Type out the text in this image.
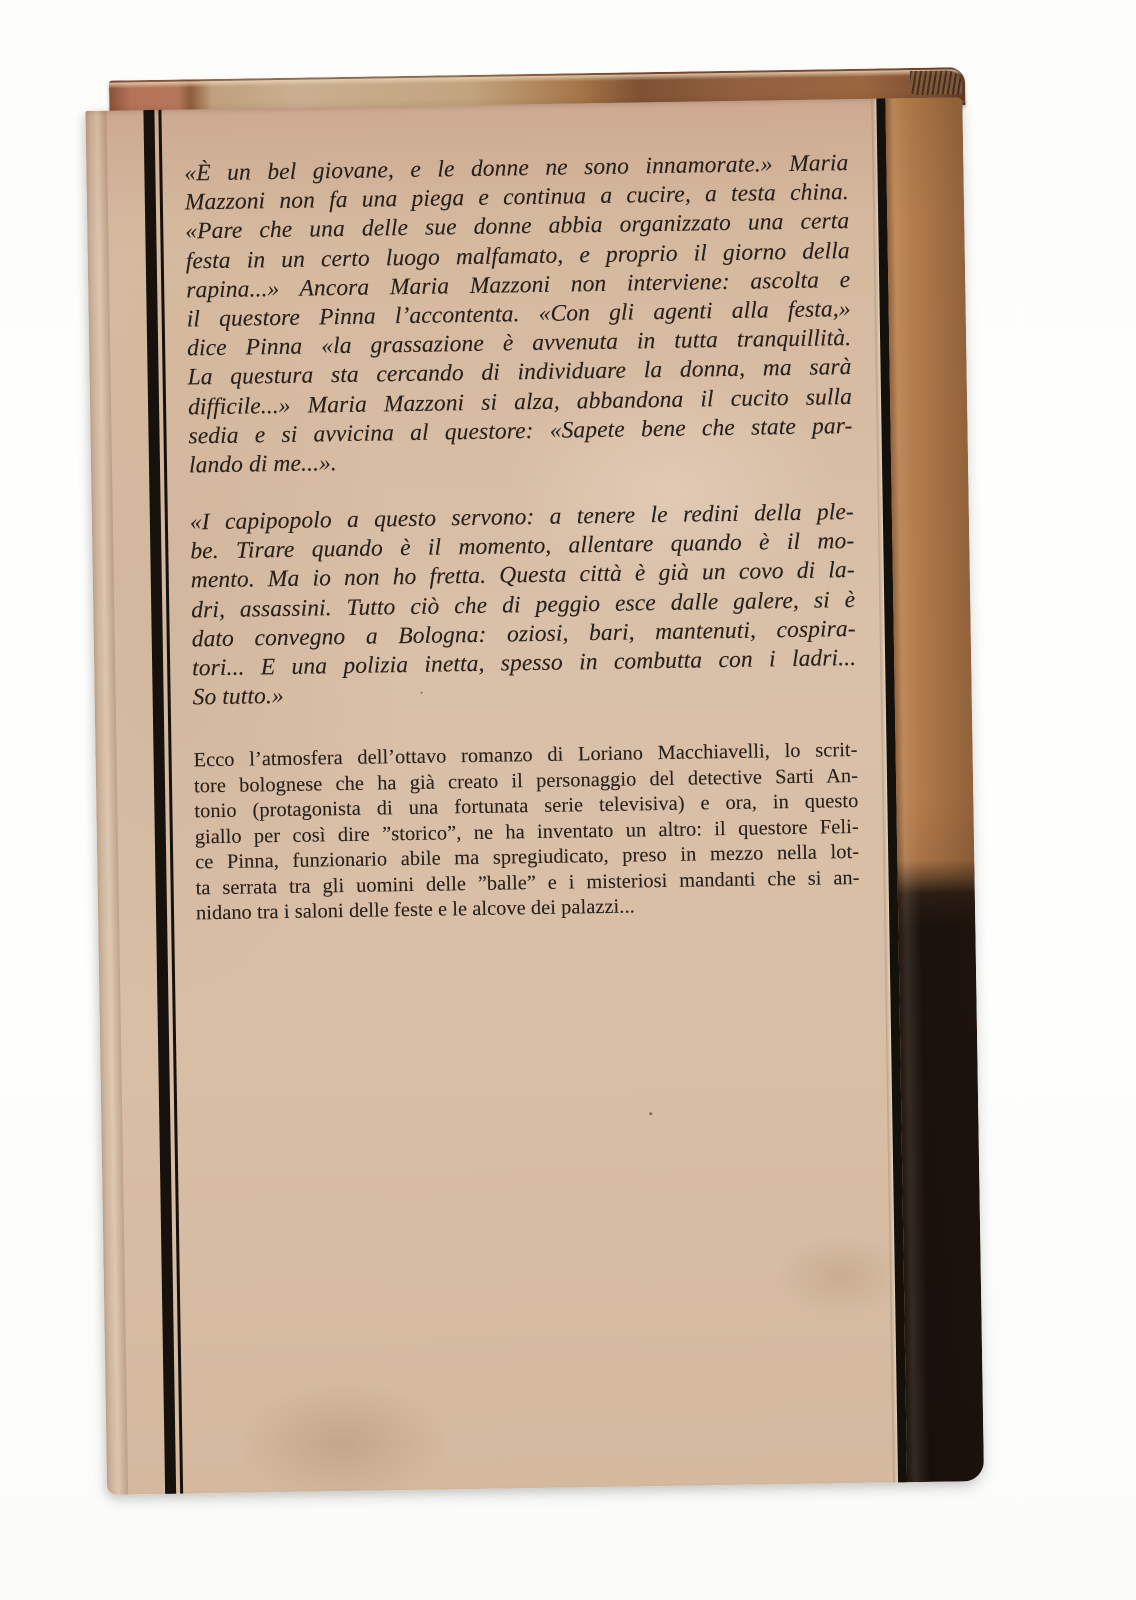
«È un bel giovane, e le donne ne sono innamorate.» Maria
Mazzoni non fa una piega e continua a cucire, a testa china.
«Pare che una delle sue donne abbia organizzato una certa
festa in un certo luogo malfamato, e proprio il giorno della
rapina...» Ancora Maria Mazzoni non interviene: ascolta e
il questore Pinna l’accontenta. «Con gli agenti alla festa,»
dice Pinna «la grassazione è avvenuta in tutta tranquillità.
La questura sta cercando di individuare la donna, ma sarà
difficile...» Maria Mazzoni si alza, abbandona il cucito sulla
sedia e si avvicina al questore: «Sapete bene che state par-
lando di me...».
«I capipopolo a questo servono: a tenere le redini della ple-
be. Tirare quando è il momento, allentare quando è il mo-
mento. Ma io non ho fretta. Questa città è già un covo di la-
dri, assassini. Tutto ciò che di peggio esce dalle galere, si è
dato convegno a Bologna: oziosi, bari, mantenuti, cospira-
tori... E una polizia inetta, spesso in combutta con i ladri...
So tutto.»
Ecco l’atmosfera dell’ottavo romanzo di Loriano Macchiavelli, lo scrit-
tore bolognese che ha già creato il personaggio del detective Sarti An-
tonio (protagonista di una fortunata serie televisiva) e ora, in questo
giallo per così dire ”storico”, ne ha inventato un altro: il questore Feli-
ce Pinna, funzionario abile ma spregiudicato, preso in mezzo nella lot-
ta serrata tra gli uomini delle ”balle” e i misteriosi mandanti che si an-
nidano tra i saloni delle feste e le alcove dei palazzi...
